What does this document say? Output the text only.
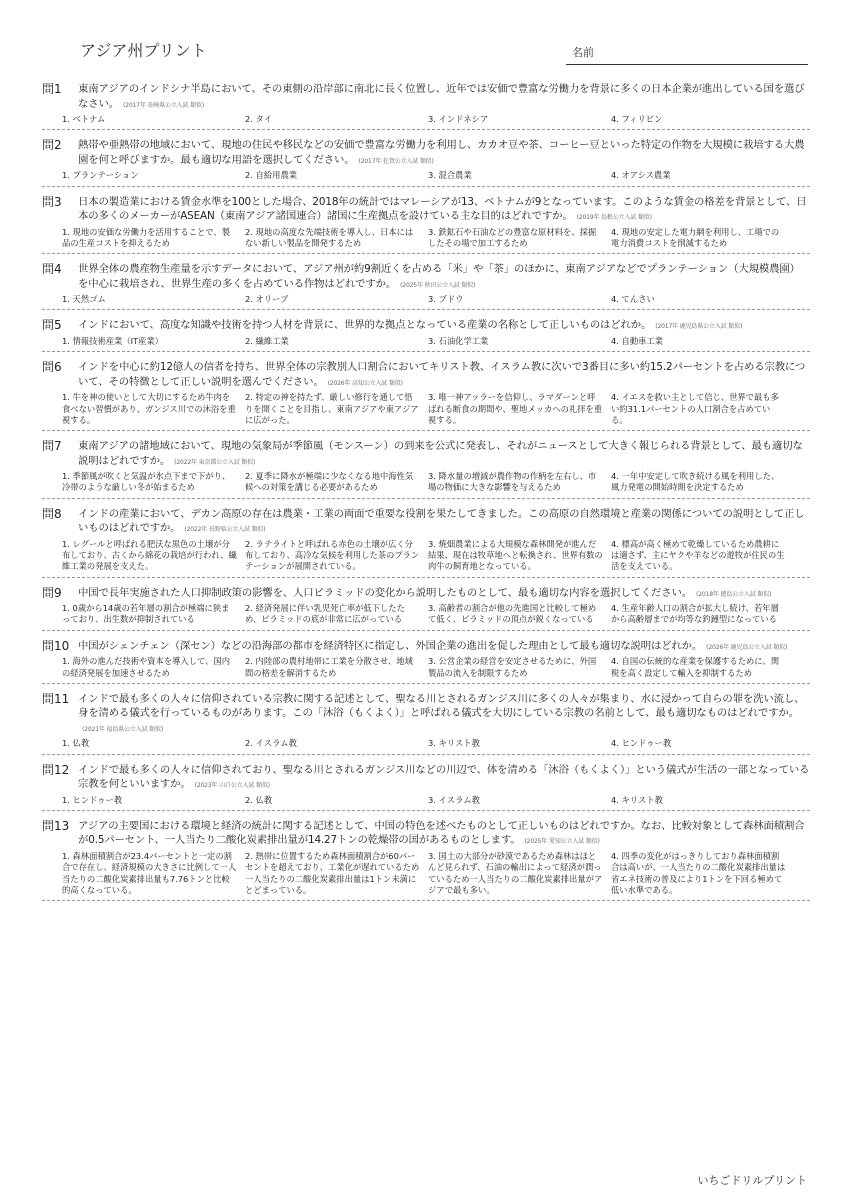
アジア州プリント	名前
問1	東南アジアのインドシナ半島において、その東側の沿岸部に南北に長く位置し、近年では安価で豊富な労働力を背景に多くの日本企業が進出している国を選びなさい。 (2017年 長崎県公立入試 類似)
1. ベトナム	2. タイ	3. インドネシア	4. フィリピン
問2	熱帯や亜熱帯の地域において、現地の住民や移民などの安価で豊富な労働力を利用し、カカオ豆や茶、コーヒー豆といった特定の作物を大規模に栽培する大農園を何と呼びますか。最も適切な用語を選択してください。 (2017年 佐賀公立入試 類似)
1. プランテーション	2. 自給用農業	3. 混合農業	4. オアシス農業
問3	日本の製造業における賃金水準を100とした場合、2018年の統計ではマレーシアが13、ベトナムが9となっています。このような賃金の格差を背景として、日本の多くのメーカーがASEAN（東南アジア諸国連合）諸国に生産拠点を設けている主な目的はどれですか。 (2019年 島根公立入試 類似)
1. 現地の安価な労働力を活用することで、製品の生産コストを抑えるため
2. 現地の高度な先端技術を導入し、日本にはない新しい製品を開発するため
3. 鉄鉱石や石油などの豊富な原材料を、採掘したその場で加工するため
4. 現地の安定した電力網を利用し、工場での電力消費コストを削減するため
問4	世界全体の農産物生産量を示すデータにおいて、アジア州が約9割近くを占める「米」や「茶」のほかに、東南アジアなどでプランテーション（大規模農園）を中心に栽培され、世界生産の多くを占めている作物はどれですか。 (2025年 秋田公立入試 類似)
1. 天然ゴム	2. オリーブ	3. ブドウ	4. てんさい
問5	インドにおいて、高度な知識や技術を持つ人材を背景に、世界的な拠点となっている産業の名称として正しいものはどれか。 (2017年 鹿児島県公立入試 類似)
1. 情報技術産業（IT産業）	2. 繊維工業	3. 石油化学工業	4. 自動車工業
問6	インドを中心に約12億人の信者を持ち、世界全体の宗教別人口割合においてキリスト教、イスラム教に次いで3番目に多い約15.2パーセントを占める宗教について、その特徴として正しい説明を選んでください。 (2026年 高知公立入試 類似)
1. 牛を神の使いとして大切にするため牛肉を食べない習慣があり、ガンジス川での沐浴を重視する。
2. 特定の神を持たず、厳しい修行を通して悟りを開くことを目指し、東南アジアや東アジアに広がった。
3. 唯一神アッラーを信仰し、ラマダーンと呼ばれる断食の期間や、聖地メッカへの礼拝を重視する。
4. イエスを救い主として信じ、世界で最も多い約31.1パーセントの人口割合を占めている。
問7	東南アジアの諸地域において、現地の気象局が季節風（モンスーン）の到来を公式に発表し、それがニュースとして大きく報じられる背景として、最も適切な説明はどれですか。 (2022年 東京都公立入試 類似)
1. 季節風が吹くと気温が氷点下まで下がり、冷帯のような厳しい冬が始まるため
2. 夏季に降水が極端に少なくなる地中海性気候への対策を講じる必要があるため
3. 降水量の増減が農作物の作柄を左右し、市場の物価に大きな影響を与えるため
4. 一年中安定して吹き続ける風を利用した、風力発電の開始時期を決定するため
問8	インドの産業において、デカン高原の存在は農業・工業の両面で重要な役割を果たしてきました。この高原の自然環境と産業の関係についての説明として正しいものはどれですか。 (2022年 長野県公立入試 類似)
1. レグールと呼ばれる肥沃な黒色の土壌が分布しており、古くから綿花の栽培が行われ、繊維工業の発展を支えた。
2. ラテライトと呼ばれる赤色の土壌が広く分布しており、高冷な気候を利用した茶のプランテーションが展開されている。
3. 焼畑農業による大規模な森林開発が進んだ結果、現在は牧草地へと転換され、世界有数の肉牛の飼育地となっている。
4. 標高が高く極めて乾燥しているため農耕には適さず、主にヤクや羊などの遊牧が住民の生活を支えている。
問9	中国で長年実施された人口抑制政策の影響を、人口ピラミッドの変化から説明したものとして、最も適切な内容を選択してください。 (2018年 徳島公立入試 類似)
1. 0歳から14歳の若年層の割合が極端に狭まっており、出生数が抑制されている
2. 経済発展に伴い乳児死亡率が低下したため、ピラミッドの底が非常に広がっている
3. 高齢者の割合が他の先進国と比較して極めて低く、ピラミッドの頂点が鋭くなっている
4. 生産年齢人口の割合が拡大し続け、若年層から高齢層までが均等な釣鐘型になっている
問10 中国がシェンチェン（深セン）などの沿海部の都市を経済特区に指定し、外国企業の進出を促した理由として最も適切な説明はどれか。 (2026年 鹿児島公立入試 類似)
1. 海外の進んだ技術や資本を導入して、国内の経済発展を加速させるため
2. 内陸部の農村地帯に工業を分散させ、地域間の格差を解消するため
3. 公営企業の経営を安定させるために、外国製品の流入を制限するため
4. 自国の伝統的な産業を保護するために、関税を高く設定して輸入を抑制するため
問11 インドで最も多くの人々に信仰されている宗教に関する記述として、聖なる川とされるガンジス川に多くの人々が集まり、水に浸かって自らの罪を洗い流し、身を清める儀式を行っているものがあります。この「沐浴（もくよく）」と呼ばれる儀式を大切にしている宗教の名前として、最も適切なものはどれですか。(2021年 福島県公立入試 類似)
1. 仏教	2. イスラム教	3. キリスト教	4. ヒンドゥー教
問12 インドで最も多くの人々に信仰されており、聖なる川とされるガンジス川などの川辺で、体を清める「沐浴（もくよく）」という儀式が生活の一部となっている宗教を何といいますか。 (2023年 山口公立入試 類似)
1. ヒンドゥー教	2. 仏教	3. イスラム教	4. キリスト教
問13 アジアの主要国における環境と経済の統計に関する記述として、中国の特色を述べたものとして正しいものはどれですか。なお、比較対象として森林面積割合が0.5パーセント、一人当たり二酸化炭素排出量が14.27トンの乾燥帯の国があるものとします。 (2025年 愛知公立入試 類似)
1. 森林面積割合が23.4パーセントと一定の割合で存在し、経済規模の大きさに比例して一人当たりの二酸化炭素排出量も7.76トンと比較的高くなっている。
2. 熱帯に位置するため森林面積割合が60パーセントを超えており、工業化が遅れているため一人当たりの二酸化炭素排出量は1トン未満にとどまっている。
3. 国土の大部分が砂漠であるため森林はほとんど見られず、石油の輸出によって経済が潤っているため一人当たりの二酸化炭素排出量がアジアで最も多い。
4. 四季の変化がはっきりしており森林面積割合は高いが、一人当たりの二酸化炭素排出量は省エネ技術の普及により1トンを下回る極めて低い水準である。
いちごドリルプリント
